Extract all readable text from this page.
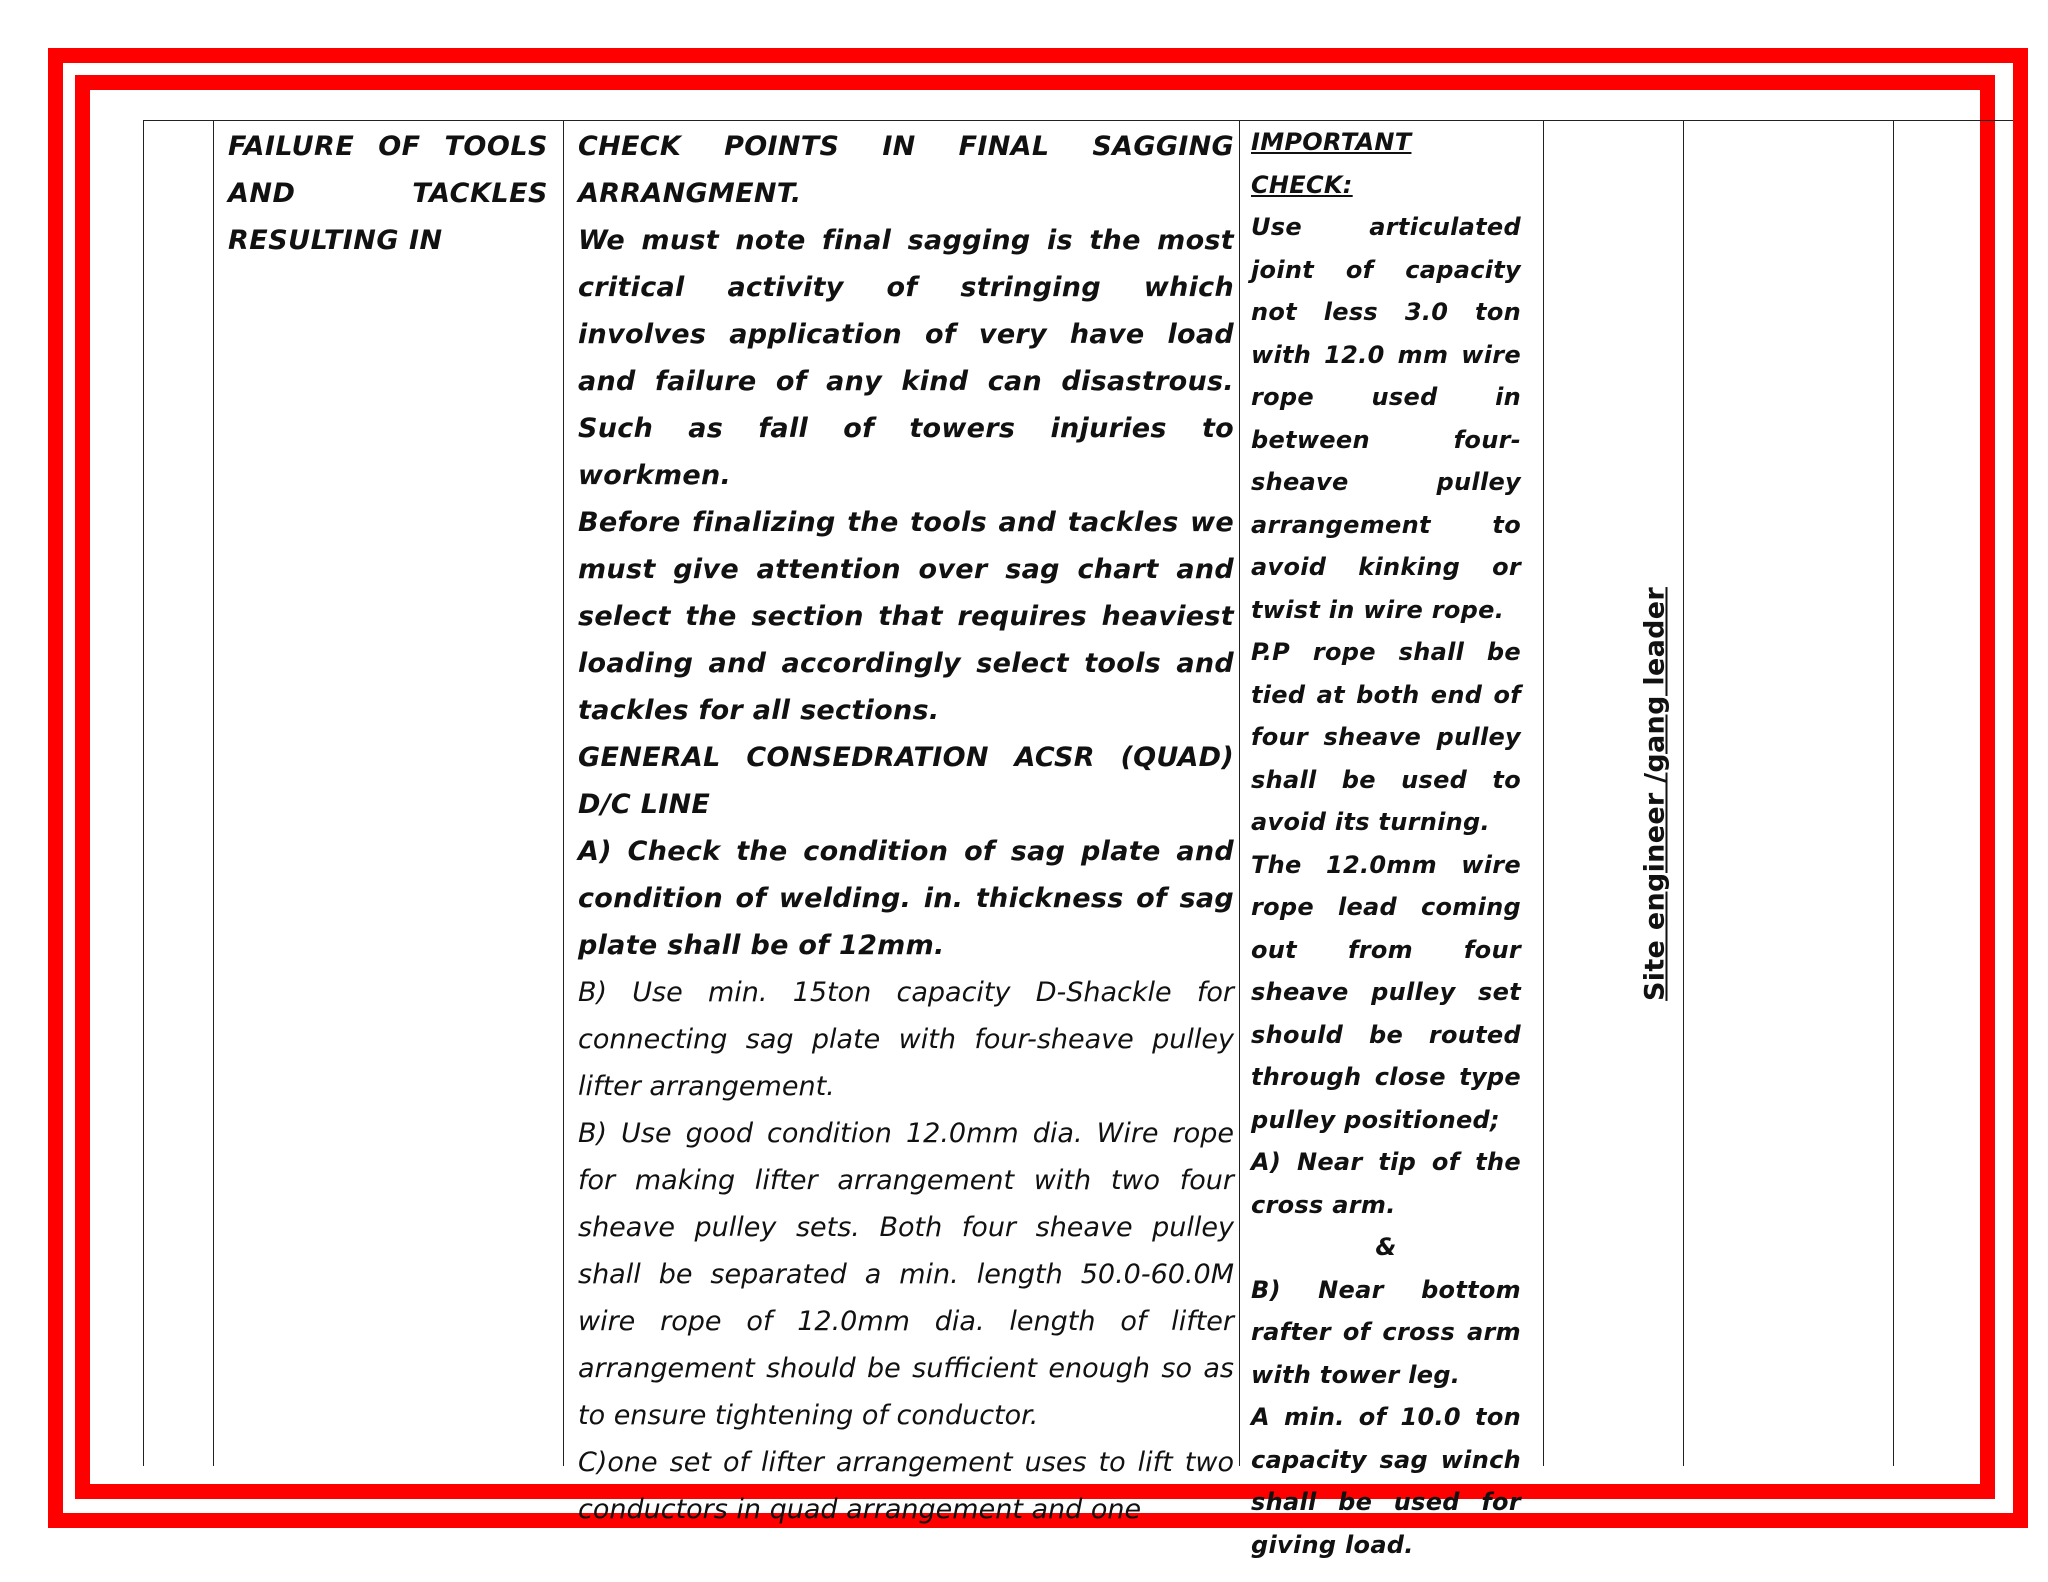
FAILURE OF TOOLS AND TACKLES RESULTING IN

CHECK POINTS IN FINAL SAGGING ARRANGMENT.

We must note final sagging is the most critical activity of stringing which involves application of very have load and failure of any kind can disastrous. Such as fall of towers injuries to workmen.

Before finalizing the tools and tackles we must give attention over sag chart and select the section that requires heaviest loading and accordingly select tools and tackles for all sections.

GENERAL CONSEDRATION ACSR (QUAD) D/C LINE

A) Check the condition of sag plate and condition of welding. in. thickness of sag plate shall be of 12mm.

B) Use min. 15ton capacity D-Shackle for connecting sag plate with four-sheave pulley lifter arrangement.

B) Use good condition 12.0mm dia. Wire rope for making lifter arrangement with two four sheave pulley sets. Both four sheave pulley shall be separated a min. length 50.0-60.0M wire rope of 12.0mm dia. length of lifter arrangement should be sufficient enough so as to ensure tightening of conductor.

C)one set of lifter arrangement uses to lift two conductors in quad arrangement and one

IMPORTANT CHECK:

Use articulated joint of capacity not less 3.0 ton with 12.0 mm wire rope used in between four-sheave pulley arrangement to avoid kinking or twist in wire rope.

P.P rope shall be tied at both end of four sheave pulley shall be used to avoid its turning.

The 12.0mm wire rope lead coming out from four sheave pulley set should be routed through close type pulley positioned;

A) Near tip of the cross arm.

&

B) Near bottom rafter of cross arm with tower leg.

A min. of 10.0 ton capacity sag winch shall be used for giving load.

Site engineer /gang leader
